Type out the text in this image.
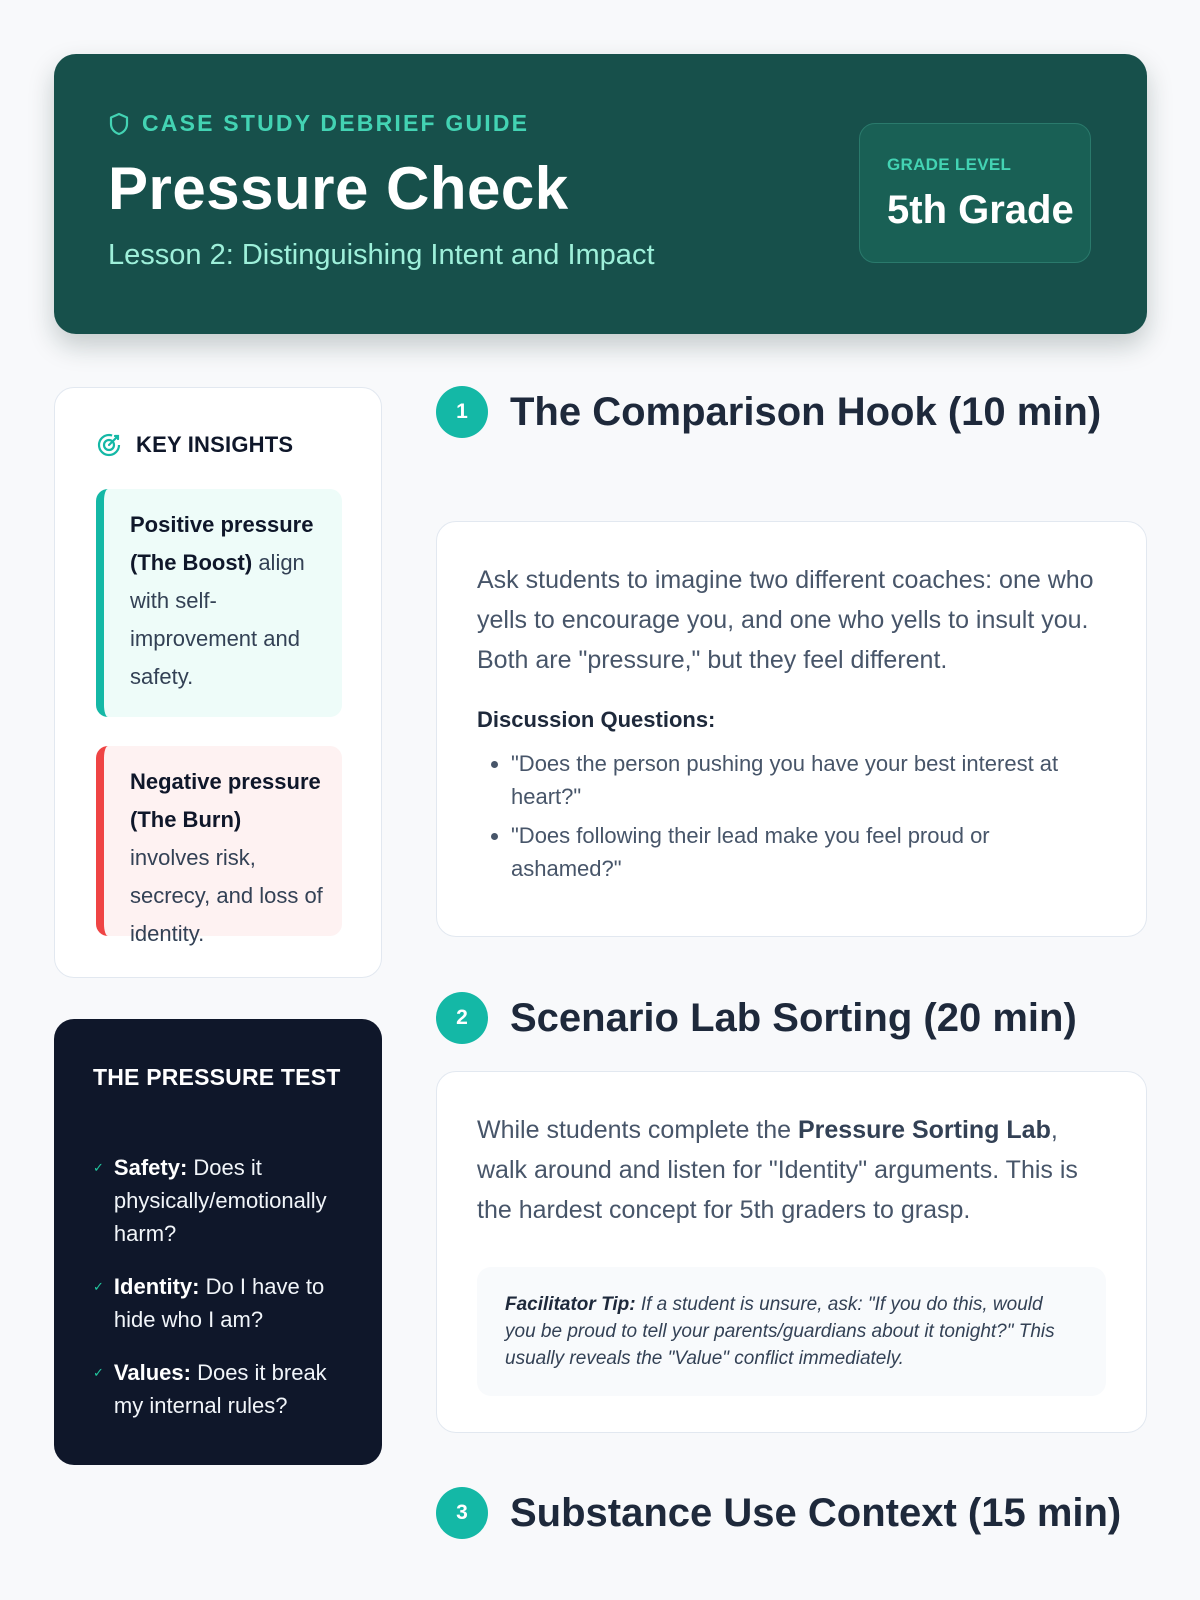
CASE STUDY DEBRIEF GUIDE
Pressure Check
Lesson 2: Distinguishing Intent and Impact
GRADE LEVEL
5th Grade
KEY INSIGHTS
Positive pressure (The Boost) align with self-improvement and safety.
Negative pressure (The Burn) involves risk, secrecy, and loss of identity.
THE PRESSURE TEST
✓ Safety: Does it physically/emotionally harm?
✓ Identity: Do I have to hide who I am?
✓ Values: Does it break my internal rules?
1	The Comparison Hook (10 min)

Ask students to imagine two different coaches: one who yells to encourage you, and one who yells to insult you. Both are "pressure," but they feel different.

Discussion Questions:
• "Does the person pushing you have your best interest at heart?"
• "Does following their lead make you feel proud or ashamed?"
2	Scenario Lab Sorting (20 min)

While students complete the Pressure Sorting Lab, walk around and listen for "Identity" arguments. This is the hardest concept for 5th graders to grasp.

Facilitator Tip: If a student is unsure, ask: "If you do this, would you be proud to tell your parents/guardians about it tonight?" This usually reveals the "Value" conflict immediately.
3	Substance Use Context (15 min)
